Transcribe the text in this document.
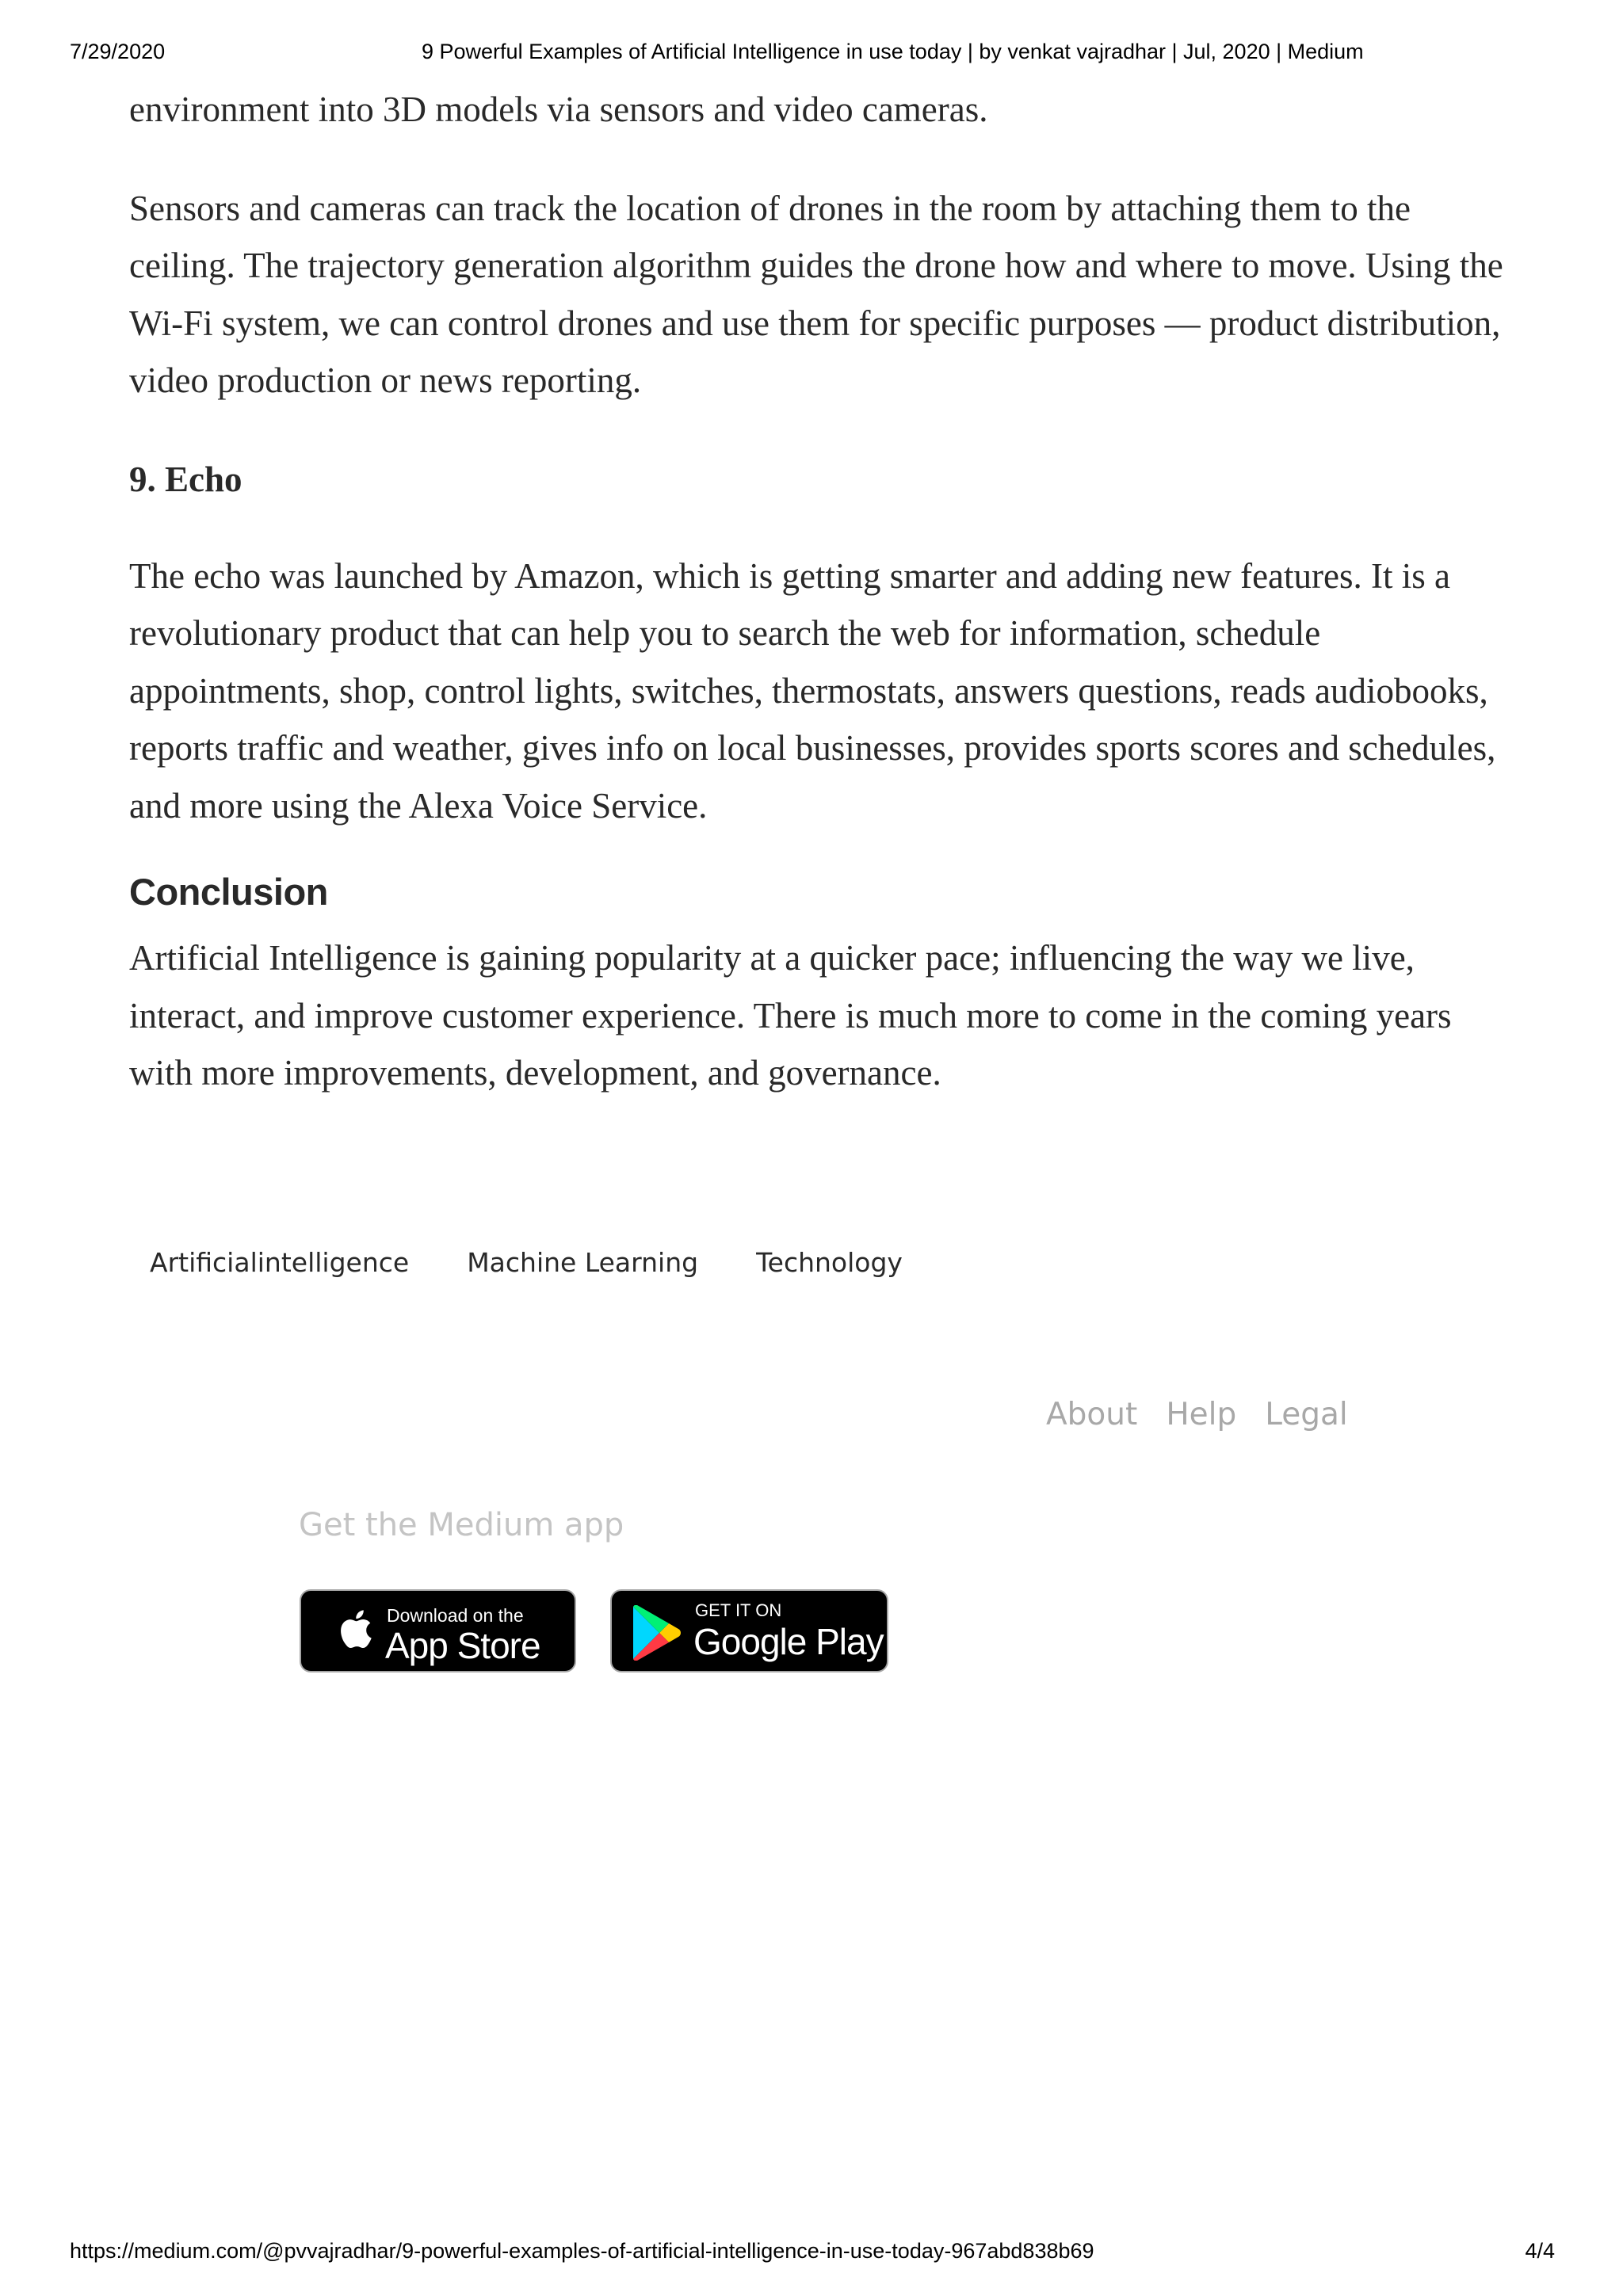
7/29/2020	9 Powerful Examples of Artificial Intelligence in use today | by venkat vajradhar | Jul, 2020 | Medium

environment into 3D models via sensors and video cameras.

Sensors and cameras can track the location of drones in the room by attaching them to the ceiling. The trajectory generation algorithm guides the drone how and where to move. Using the Wi-Fi system, we can control drones and use them for specific purposes — product distribution, video production or news reporting.

9. Echo

The echo was launched by Amazon, which is getting smarter and adding new features. It is a revolutionary product that can help you to search the web for information, schedule appointments, shop, control lights, switches, thermostats, answers questions, reads audiobooks, reports traffic and weather, gives info on local businesses, provides sports scores and schedules, and more using the Alexa Voice Service.

Conclusion

Artificial Intelligence is gaining popularity at a quicker pace; influencing the way we live, interact, and improve customer experience. There is much more to come in the coming years with more improvements, development, and governance.

Artificialintelligence	Machine Learning	Technology
About Help Legal
Get the Medium app
Download on the
App Store
GET IT ON
Google Play
https://medium.com/@pvvajradhar/9-powerful-examples-of-artificial-intelligence-in-use-today-967abd838b69	4/4
